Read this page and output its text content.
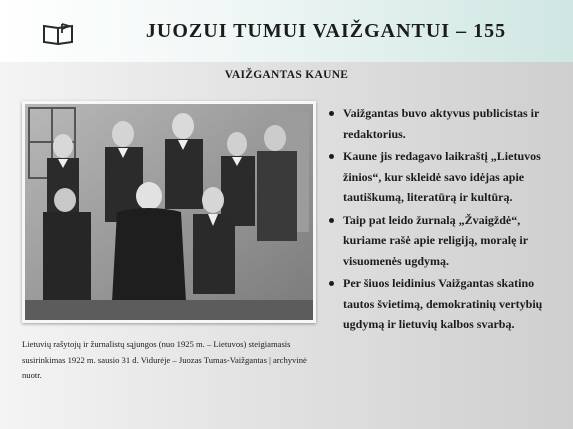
JUOZUI TUMUI VAIŽGANTUI – 155
VAIŽGANTAS KAUNE
Lietuvių rašytojų ir žurnalistų sąjungos (nuo 1925 m. – Lietuvos) steigiamasis susirinkimas 1922 m. sausio 31 d. Vidurėje – Juozas Tumas-Vaižgantas | archyvinė nuotr.
Vaižgantas buvo aktyvus publicistas ir redaktorius.
Kaune jis redagavo laikraštį „Lietuvos žinios“, kur skleidė savo idėjas apie tautiškumą, literatūrą ir kultūrą.
Taip pat leido žurnalą „Žvaigždė“, kuriame rašė apie religiją, moralę ir visuomenės ugdymą.
Per šiuos leidinius Vaižgantas skatino tautos švietimą, demokratinių vertybių ugdymą ir lietuvių kalbos svarbą.
